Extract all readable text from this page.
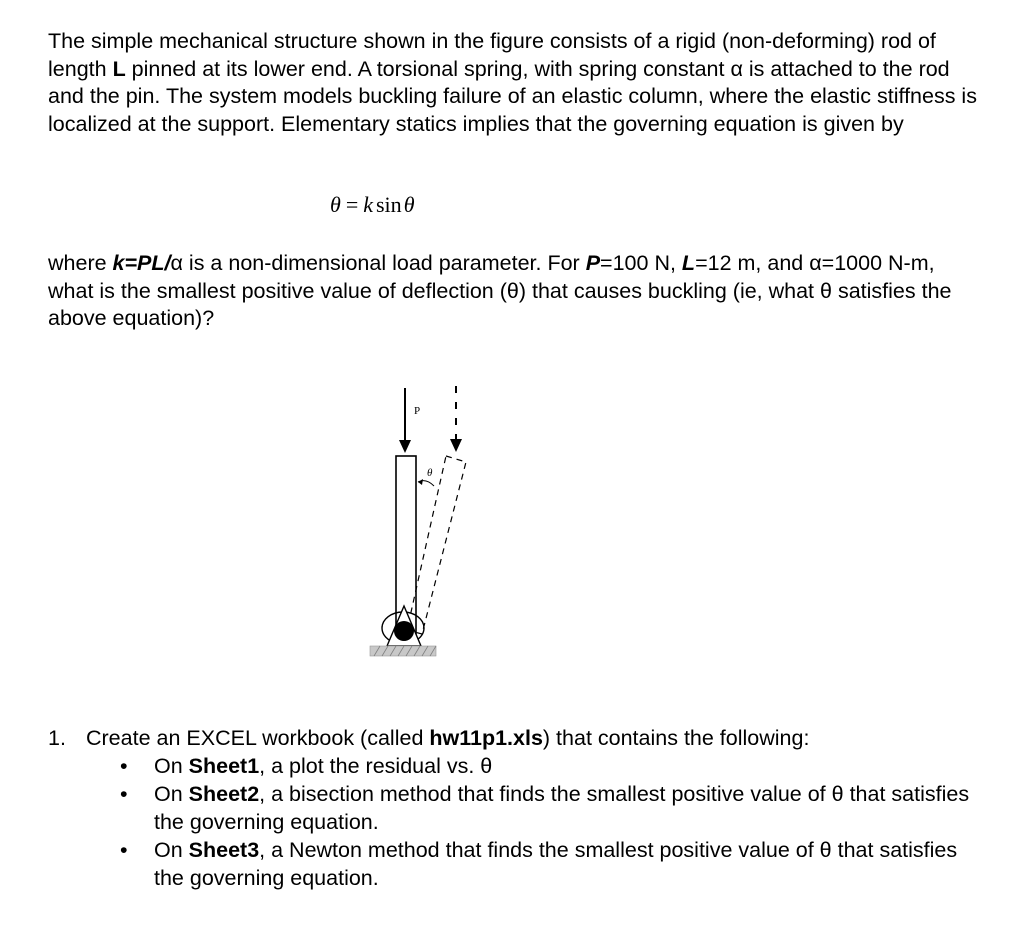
The simple mechanical structure shown in the figure consists of a rigid (non-deforming) rod of length L pinned at its lower end. A torsional spring, with spring constant α is attached to the rod and the pin. The system models buckling failure of an elastic column, where the elastic stiffness is localized at the support. Elementary statics implies that the governing equation is given by

θ = k sinθ

where k=PL/α is a non-dimensional load parameter. For P=100 N, L=12 m, and α=1000 N-m, what is the smallest positive value of deflection (θ) that causes buckling (ie, what θ satisfies the above equation)?

P
θ
1. Create an EXCEL workbook (called hw11p1.xls) that contains the following:
• On Sheet1, a plot the residual vs. θ
• On Sheet2, a bisection method that finds the smallest positive value of θ that satisfies the governing equation.
• On Sheet3, a Newton method that finds the smallest positive value of θ that satisfies the governing equation.
